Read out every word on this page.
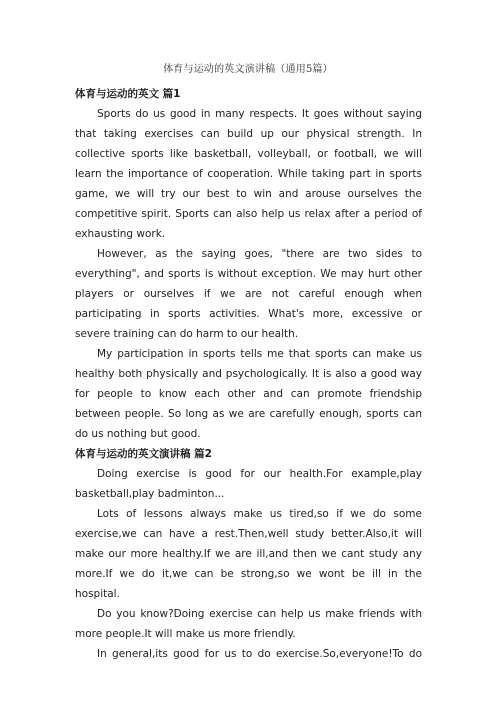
体育与运动的英文演讲稿（通用5篇）
体育与运动的英文 篇1

Sports do us good in many respects. It goes without saying that taking exercises can build up our physical strength. In collective sports like basketball, volleyball, or football, we will learn the importance of cooperation. While taking part in sports game, we will try our best to win and arouse ourselves the competitive spirit. Sports can also help us relax after a period of exhausting work.

However, as the saying goes, "there are two sides to everything", and sports is without exception. We may hurt other players or ourselves if we are not careful enough when participating in sports activities. What's more, excessive or severe training can do harm to our health.

My participation in sports tells me that sports can make us healthy both physically and psychologically. It is also a good way for people to know each other and can promote friendship between people. So long as we are carefully enough, sports can do us nothing but good.

体育与运动的英文演讲稿 篇2

Doing exercise is good for our health.For example,play basketball,play badminton...

Lots of lessons always make us tired,so if we do some exercise,we can have a rest.Then,well study better.Also,it will make our more healthy.If we are ill,and then we cant study any more.If we do it,we can be strong,so we wont be ill in the hospital.

Do you know?Doing exercise can help us make friends with more people.It will make us more friendly.

In general,its good for us to do exercise.So,everyone!To do
